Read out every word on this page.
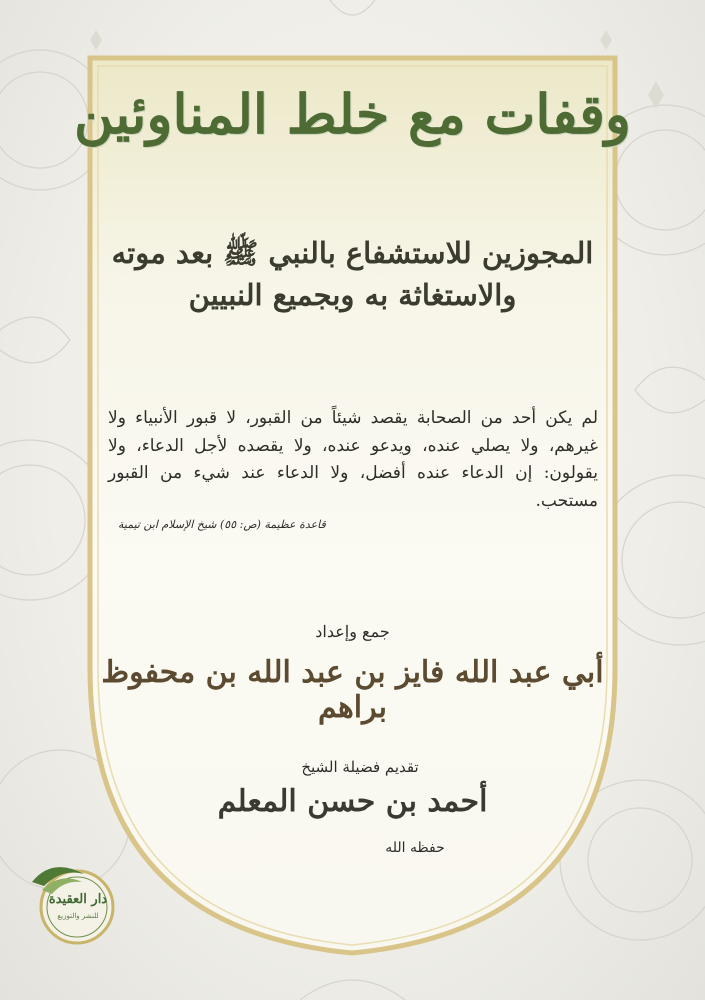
وقفات مع خلط المناوئين
المجوزين للاستشفاع بالنبي ﷺ بعد موته
والاستغاثة به وبجميع النبيين
لم يكن أحد من الصحابة يقصد شيئاً من القبور، لا قبور الأنبياء ولا غيرهم، ولا يصلي عنده، ويدعو عنده، ولا يقصده لأجل الدعاء، ولا يقولون: إن الدعاء عنده أفضل، ولا الدعاء عند شيء من القبور مستحب.
قاعدة عظيمة (ص: ٥٥) شيخ الإسلام ابن تيمية
جمع وإعداد
أبي عبد الله فايز بن عبد الله بن محفوظ براهم
تقديم فضيلة الشيخ
أحمد بن حسن المعلم
حفظه الله
دار العقيدة
للنشر والتوزيع
